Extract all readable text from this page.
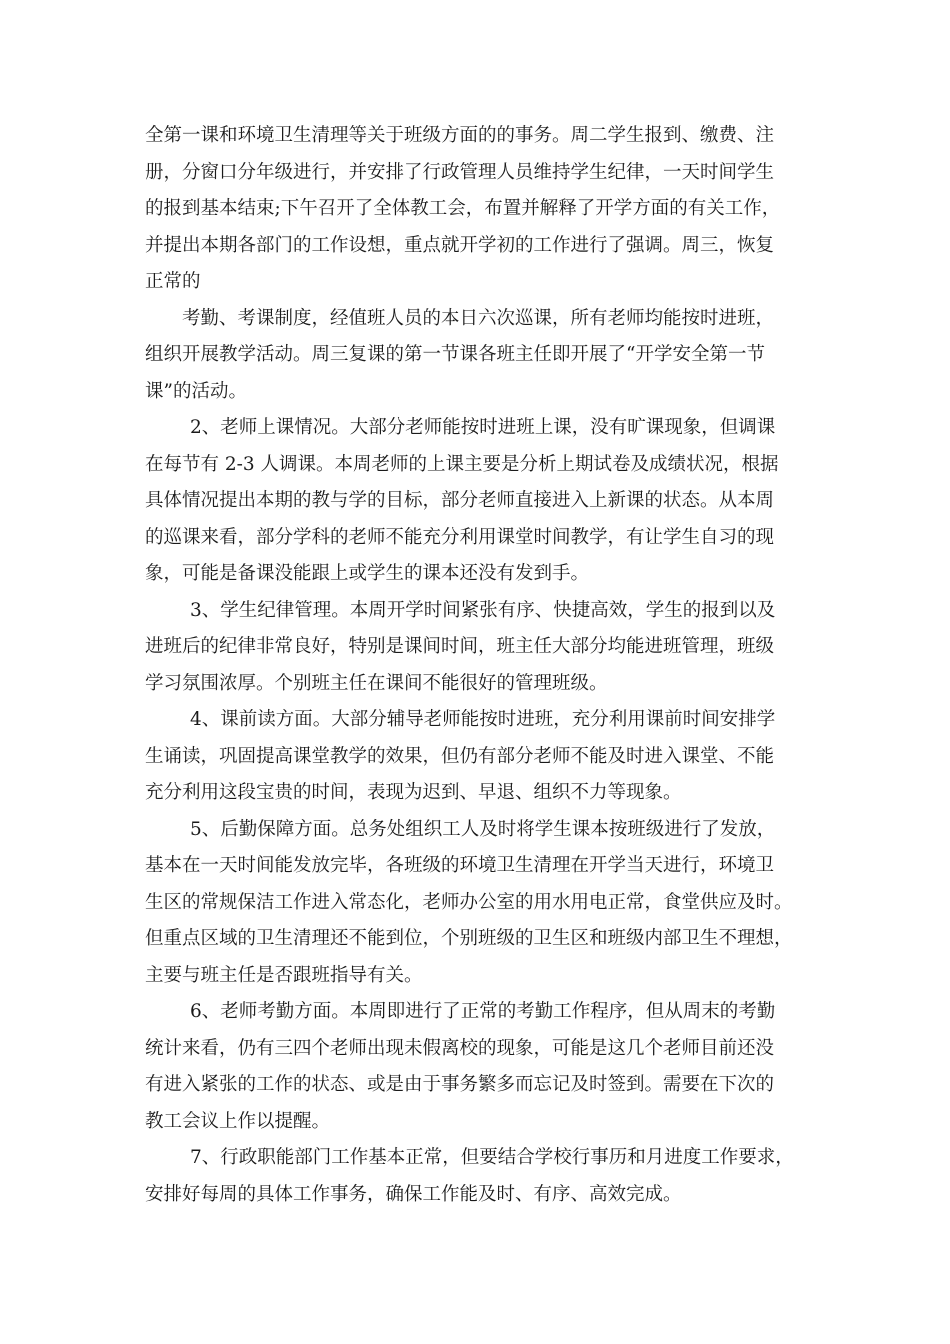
全第一课和环境卫生清理等关于班级方面的的事务。周二学生报到、缴费、注
册，分窗口分年级进行，并安排了行政管理人员维持学生纪律，一天时间学生
的报到基本结束;下午召开了全体教工会，布置并解释了开学方面的有关工作，
并提出本期各部门的工作设想，重点就开学初的工作进行了强调。周三，恢复
正常的

考勤、考课制度，经值班人员的本日六次巡课，所有老师均能按时进班，
组织开展教学活动。周三复课的第一节课各班主任即开展了“开学安全第一节
课”的活动。

2、老师上课情况。大部分老师能按时进班上课，没有旷课现象，但调课
在每节有 2-3 人调课。本周老师的上课主要是分析上期试卷及成绩状况，根据
具体情况提出本期的教与学的目标，部分老师直接进入上新课的状态。从本周
的巡课来看，部分学科的老师不能充分利用课堂时间教学，有让学生自习的现
象，可能是备课没能跟上或学生的课本还没有发到手。

3、学生纪律管理。本周开学时间紧张有序、快捷高效，学生的报到以及
进班后的纪律非常良好，特别是课间时间，班主任大部分均能进班管理，班级
学习氛围浓厚。个别班主任在课间不能很好的管理班级。

4、课前读方面。大部分辅导老师能按时进班，充分利用课前时间安排学
生诵读，巩固提高课堂教学的效果，但仍有部分老师不能及时进入课堂、不能
充分利用这段宝贵的时间，表现为迟到、早退、组织不力等现象。

5、后勤保障方面。总务处组织工人及时将学生课本按班级进行了发放，
基本在一天时间能发放完毕，各班级的环境卫生清理在开学当天进行，环境卫
生区的常规保洁工作进入常态化，老师办公室的用水用电正常，食堂供应及时。
但重点区域的卫生清理还不能到位，个别班级的卫生区和班级内部卫生不理想，
主要与班主任是否跟班指导有关。

6、老师考勤方面。本周即进行了正常的考勤工作程序，但从周末的考勤
统计来看，仍有三四个老师出现未假离校的现象，可能是这几个老师目前还没
有进入紧张的工作的状态、或是由于事务繁多而忘记及时签到。需要在下次的
教工会议上作以提醒。

7、行政职能部门工作基本正常，但要结合学校行事历和月进度工作要求，
安排好每周的具体工作事务，确保工作能及时、有序、高效完成。
